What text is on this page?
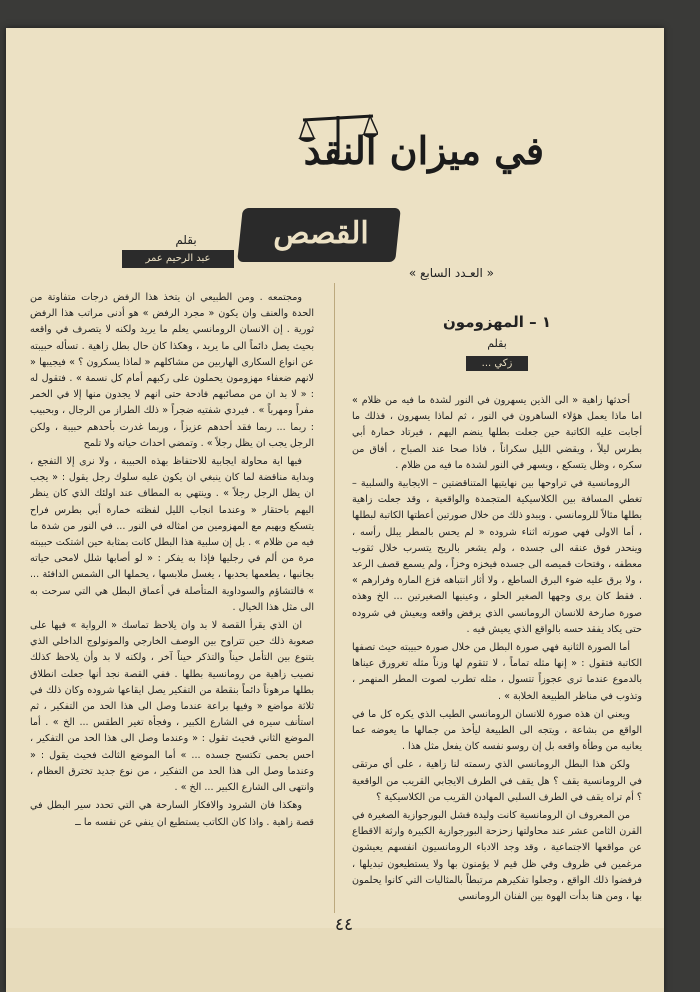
في ميزان النقد
القصص
بقلم
عبد الرحيم عمر
« العـدد السابع »
١ – المهزومون
بقلم
زكي ...

ومجتمعه . ومن الطبيعي ان يتخذ هذا الرفض درجات متفاوتة من الحدة والعنف وان يكون « مجرد الرفض » هو أدنى مراتب هذا الرفض ثورية . إن الانسان الرومانسي يعلم ما يريد ولكنه لا يتصرف في واقعه بحيث يصل دائماً الى ما يريد ، وهكذا كان حال بطل زاهية . تسأله حبيبته عن انواع السكارى الهاربين من مشاكلهم « لماذا يسكرون ؟ » فيجيبها « لانهم ضعفاء مهزومون يحملون على ركبهم أمام كل نسمة » . فتقول له : « لا بد ان من مصائبهم فادحة حتى انهم لا يجدون منها إلا في الخمر مفراً ومهرباً » . فيردي شفتيه ضجراً « ذلك الطراز من الرجال ، وبحبيب : ربما ... ربما فقد أحدهم عزيزاً ، وربما غدرت بأحدهم حبيبة ، ولكن الرجل يجب ان يظل رجلاً » . وتمضي احداث حياته ولا تلمح

فيها اية محاولة ايجابية للاحتفاظ بهذه الحبيبة ، ولا نرى إلا التفجع ، وبداية مناقضة لما كان ينبغي ان يكون عليه سلوك رجل يقول : « يجب ان يظل الرجل رجلاً » . وينتهي به المطاف عند اولئك الذي كان ينظر اليهم باحتقار « وعندما انجاب الليل لفظته خمارة أبي بطرس فراح يتسكع ويهيم مع المهزومين من امثاله في النور ... في النور من شدة ما فيه من ظلام » . بل إن سلبية هذا البطل كانت بمثابة حين اشتكت حبيبته مرة من ألم في رجليها فإذا به يفكر : « لو أصابها شلل لامحى حياته بجانبها ، يطعمها بحدبها ، يغسل ملابسها ، يحملها الى الشمس الدافئة ... » فالتشاؤم والسوداوية المتأصلة في أعماق البطل هي التي سرحت به الى مثل هذا الخيال .

ان الذي يقرأ القصة لا بد وان يلاحظ تماسك « الرواية » فيها على صعوبة ذلك حين تتراوح بين الوصف الخارجي والمونولوج الداخلي الذي يتنوع بين التأمل حيناً والتذكر حيناً آخر ، ولكنه لا بد وأن يلاحظ كذلك نصيب زاهية من رومانسية بطلها . ففي القصة نجد أنها جعلت انطلاق بطلها مرهوناً دائماً بنقطة من التفكير يصل ايقاعها شروده وكان ذلك في ثلاثة مواضع « وفيها براعة عندما وصل الى هذا الحد من التفكير ، ثم استأنف سيره في الشارع الكبير ، وفجأة تغير الطقس ... الخ » . أما الموضع الثاني فحيث تقول : « وعندما وصل الى هذا الحد من التفكير ، احس بحمى تكتسح جسده ... » أما الموضع الثالث فحيث يقول : « وعندما وصل الى هذا الحد من التفكير ، من نوع جديد تخترق العظام ، وانتهى الى الشارع الكبير ... الخ » .

وهكذا فان الشرود والافكار السارحة هي التي تحدد سير البطل في قصة زاهية . واذا كان الكاتب يستطيع ان ينفي عن نفسه ما ــ

أحدثها زاهية « الى الذين يسهرون في النور لشدة ما فيه من ظلام » اما ماذا يعمل هؤلاء الساهرون في النور ، ثم لماذا يسهرون ، فذلك ما أجابت عليه الكاتبة حين جعلت بطلها ينضم اليهم ، فيرتاد خمارة أبي بطرس ليلاً ، ويقضي الليل سكراناً ، فاذا صحا عند الصباح ، أفاق من سكره ، وظل يتسكع ، ويسهر في النور لشدة ما فيه من ظلام .

الرومانسية في تراوحها بين نهايتيها المتناقضتين – الايجابية والسلبية – تغطي المسافة بين الكلاسيكية المتجمدة والواقعية ، وقد جعلت زاهية بطلها مثالاً للرومانسي . ويبدو ذلك من خلال صورتين أعطتها الكاتبة لبطلها ، أما الاولى فهي صورته اثناء شروده « لم يحس بالمطر يبلل رأسه ، وينحدر فوق عنقه الى جسده ، ولم يشعر بالريح يتسرب خلال ثقوب معطفه ، وفتحات قميصه الى جسده فيخزه وخزاً ، ولم يسمع قصف الرعد ، ولا برق عليه ضوء البرق الساطع ، ولا أثار انتباهه فزع المارة وفرارهم » . فقط كان يرى وجهها الصغير الحلو ، وعينيها الصغيرتين ... الخ وهذه صورة صارخة للانسان الرومانسي الذي يرفض واقعه ويعيش في شروده حتى يكاد يفقد حسه بالواقع الذي يعيش فيه .

أما الصورة الثانية فهي صورة البطل من خلال صورة حبيبته حيث تصفها الكاتبة فتقول : « إنها مثله تماماً ، لا تتقوم لها وزناً مثله تغرورق عيناها بالدموع عندما ترى عجوزاً تتسول ، مثله تطرب لصوت المطر المنهمر ، وتذوب في مناظر الطبيعة الخلابة » .

ويعني ان هذه صورة للانسان الرومانسي الطيب الذي يكره كل ما في الواقع من بشاعة ، ويتجه الى الطبيعة ليأخذ من جمالها ما يعوضه عما يعانيه من وطأة واقعه بل إن روسو نفسه كان يفعل مثل هذا .

ولكن هذا البطل الرومانسي الذي رسمته لنا زاهية ، على أي مرتقى في الرومانسية يقف ؟ هل يقف في الطرف الايجابي القريب من الواقعية ؟ أم تراه يقف في الطرف السلبي المهادن القريب من الكلاسيكية ؟

من المعروف ان الرومانسية كانت وليدة فشل البورجوازية الصغيرة في القرن الثامن عشر عند محاولتها زحزحة البورجوازية الكبيرة وارثة الاقطاع عن مواقعها الاجتماعية ، وقد وجد الادباء الرومانسيون انفسهم يعيشون مرغمين في ظروف وفي ظل قيم لا يؤمنون بها ولا يستطيعون تبديلها ، فرفضوا ذلك الواقع ، وجعلوا تفكيرهم مرتبطاً بالمثاليات التي كانوا يحلمون بها ، ومن هنا بدأت الهوة بين الفنان الرومانسي

٤٤
